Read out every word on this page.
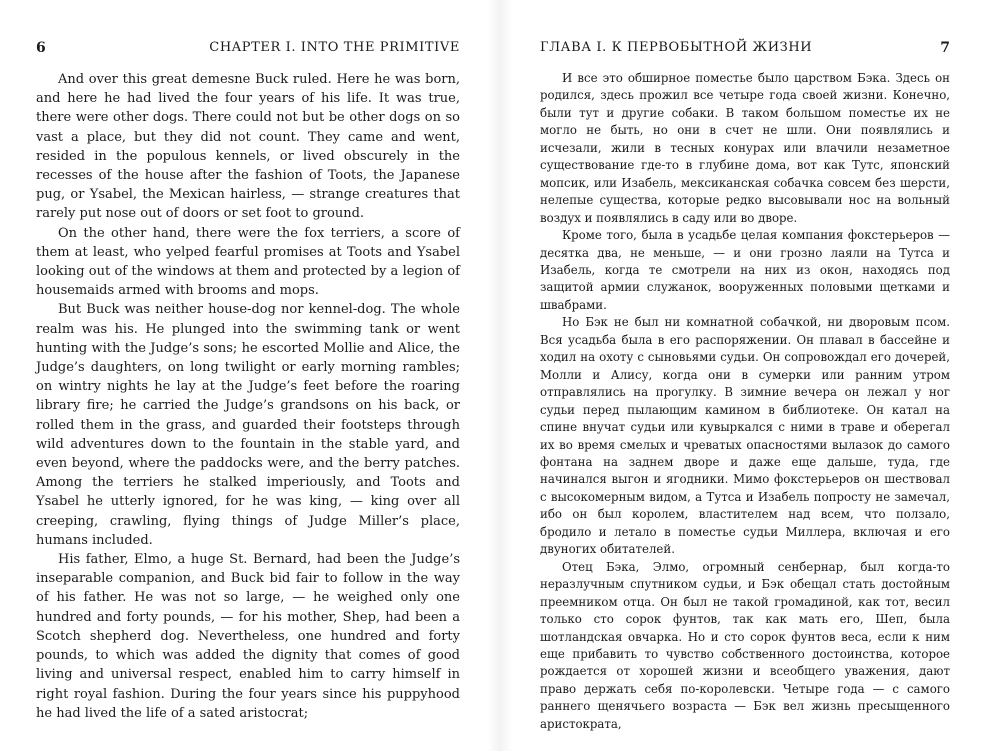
6	CHAPTER I. INTO THE PRIMITIVE

And over this great demesne Buck ruled. Here he was born, and here he had lived the four years of his life. It was true, there were other dogs. There could not but be other dogs on so vast a place, but they did not count. They came and went, resided in the populous kennels, or lived obscurely in the recesses of the house after the fashion of Toots, the Japanese pug, or Ysabel, the Mexican hairless, — strange creatures that rarely put nose out of doors or set foot to ground.

On the other hand, there were the fox terriers, a score of them at least, who yelped fearful promises at Toots and Ysabel looking out of the windows at them and protected by a legion of housemaids armed with brooms and mops.

But Buck was neither house-dog nor kennel-dog. The whole realm was his. He plunged into the swimming tank or went hunting with the Judge’s sons; he escorted Mollie and Alice, the Judge’s daughters, on long twilight or early morning rambles; on wintry nights he lay at the Judge’s feet before the roaring library fire; he carried the Judge’s grandsons on his back, or rolled them in the grass, and guarded their footsteps through wild adventures down to the fountain in the stable yard, and even beyond, where the paddocks were, and the berry patches. Among the terriers he stalked imperiously, and Toots and Ysabel he utterly ignored, for he was king, — king over all creeping, crawling, flying things of Judge Miller’s place, humans included.

His father, Elmo, a huge St. Bernard, had been the Judge’s inseparable companion, and Buck bid fair to follow in the way of his father. He was not so large, — he weighed only one hundred and forty pounds, — for his mother, Shep, had been a Scotch shepherd dog. Nevertheless, one hundred and forty pounds, to which was added the dignity that comes of good living and universal respect, enabled him to carry himself in right royal fashion. During the four years since his puppyhood he had lived the life of a sated aristocrat;

ГЛАВА I. К ПЕРВОБЫТНОЙ ЖИЗНИ	7

И все это обширное поместье было царством Бэка. Здесь он родился, здесь прожил все четыре года своей жизни. Конечно, были тут и другие собаки. В таком большом поместье их не могло не быть, но они в счет не шли. Они появлялись и исчезали, жили в тесных конурах или влачили незаметное существование где-то в глубине дома, вот как Тутс, японский мопсик, или Изабель, мексиканская собачка совсем без шерсти, нелепые существа, которые редко высовывали нос на вольный воздух и появлялись в саду или во дворе.

Кроме того, была в усадьбе целая компания фокстерьеров — десятка два, не меньше, — и они грозно лаяли на Тутса и Изабель, когда те смотрели на них из окон, находясь под защитой армии служанок, вооруженных половыми щетками и швабрами.

Но Бэк не был ни комнатной собачкой, ни дворовым псом. Вся усадьба была в его распоряжении. Он плавал в бассейне и ходил на охоту с сыновьями судьи. Он сопровождал его дочерей, Молли и Алису, когда они в сумерки или ранним утром отправлялись на прогулку. В зимние вечера он лежал у ног судьи перед пылающим камином в библиотеке. Он катал на спине внучат судьи или кувыркался с ними в траве и оберегал их во время смелых и чреватых опасностями вылазок до самого фонтана на заднем дворе и даже еще дальше, туда, где начинался выгон и ягодники. Мимо фокстерьеров он шествовал с высокомерным видом, а Тутса и Изабель попросту не замечал, ибо он был королем, властителем над всем, что ползало, бродило и летало в поместье судьи Миллера, включая и его двуногих обитателей.

Отец Бэка, Элмо, огромный сенбернар, был когда-то неразлучным спутником судьи, и Бэк обещал стать достойным преемником отца. Он был не такой громадиной, как тот, весил только сто сорок фунтов, так как мать его, Шеп, была шотландская овчарка. Но и сто сорок фунтов веса, если к ним еще прибавить то чувство собственного достоинства, которое рождается от хорошей жизни и всеобщего уважения, дают право держать себя по-королевски. Четыре года — с самого раннего щенячьего возраста — Бэк вел жизнь пресыщенного аристократа,
